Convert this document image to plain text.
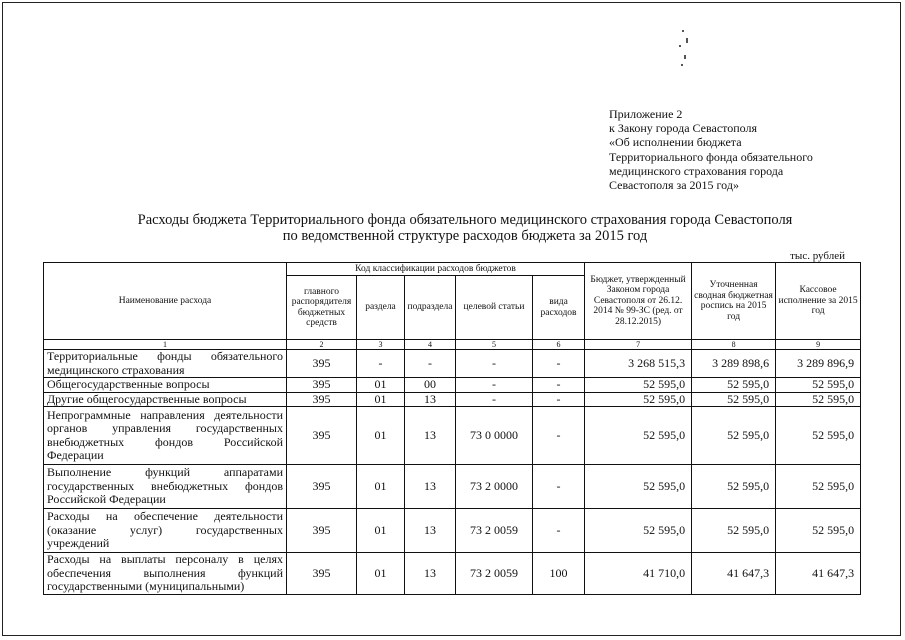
Приложение 2
к Закону города Севастополя
«Об исполнении бюджета
Территориального фонда обязательного
медицинского страхования города
Севастополя за 2015 год»
Расходы бюджета Территориального фонда обязательного медицинского страхования города Севастополя
по ведомственной структуре расходов бюджета за 2015 год
тыс. рублей
Наименование расхода	Код классификации расходов бюджетов					Бюджет, утвержденный Законом города Севастополя от 26.12. 2014 № 99-ЗС (ред. от 28.12.2015)	Уточненная сводная бюджетная роспись на 2015 год	Кассовое исполнение за 2015 год
	главного распорядителя бюджетных средств	раздела	подраздела	целевой статьи	вида расходов			
1	2	3	4	5	6	7	8	9
Территориальные фонды обязательного медицинского страхования	395	-	-	-	-	3 268 515,3	3 289 898,6	3 289 896,9
Общегосударственные вопросы	395	01	00	-	-	52 595,0	52 595,0	52 595,0
Другие общегосударственные вопросы	395	01	13	-	-	52 595,0	52 595,0	52 595,0
Непрограммные направления деятельности органов управления государственных внебюджетных фондов Российской Федерации	395	01	13	73 0 0000	-	52 595,0	52 595,0	52 595,0
Выполнение функций аппаратами государственных внебюджетных фондов Российской Федерации	395	01	13	73 2 0000	-	52 595,0	52 595,0	52 595,0
Расходы на обеспечение деятельности (оказание услуг) государственных учреждений	395	01	13	73 2 0059	-	52 595,0	52 595,0	52 595,0
Расходы на выплаты персоналу в целях обеспечения выполнения функций государственными (муниципальными)	395	01	13	73 2 0059	100	41 710,0	41 647,3	41 647,3
